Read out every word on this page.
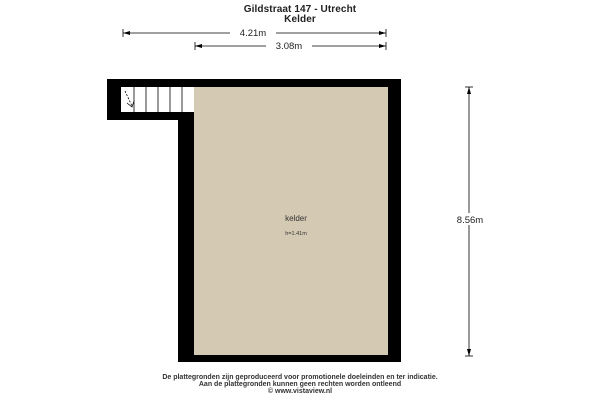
Gildstraat 147 - Utrecht
Kelder
4.21m
3.08m
8.56m
kelder
h=1.41m
De plattegronden zijn geproduceerd voor promotionele doeleinden en ter indicatie.
Aan de plattegronden kunnen geen rechten worden ontleend
© www.vistaview.nl
